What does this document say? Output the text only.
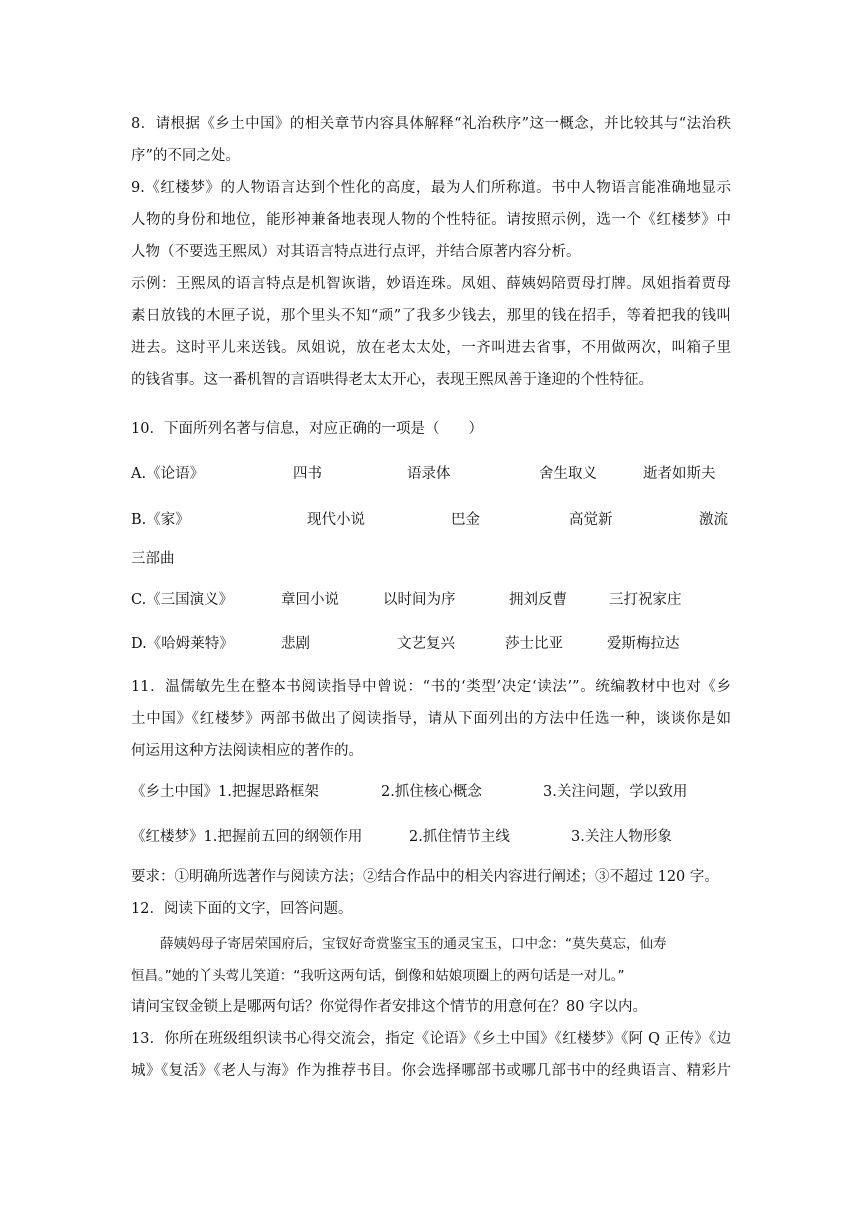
8．请根据《乡土中国》的相关章节内容具体解释“礼治秩序”这一概念，并比较其与“法治秩
序”的不同之处。
9.《红楼梦》的人物语言达到个性化的高度，最为人们所称道。书中人物语言能准确地显示
人物的身份和地位，能形神兼备地表现人物的个性特征。请按照示例，选一个《红楼梦》中
人物（不要选王熙凤）对其语言特点进行点评，并结合原著内容分析。
示例：王熙凤的语言特点是机智诙谐，妙语连珠。凤姐、薛姨妈陪贾母打牌。凤姐指着贾母
素日放钱的木匣子说，那个里头不知“顽”了我多少钱去，那里的钱在招手，等着把我的钱叫
进去。这时平儿来送钱。凤姐说，放在老太太处，一齐叫进去省事，不用做两次，叫箱子里
的钱省事。这一番机智的言语哄得老太太开心，表现王熙凤善于逢迎的个性特征。
10．下面所列名著与信息，对应正确的一项是（　　）
A.《论语》	四书	语录体	舍生取义	逝者如斯夫
B.《家》	现代小说	巴金	高觉新	激流
三部曲
C.《三国演义》	章回小说	以时间为序	拥刘反曹	三打祝家庄
D.《哈姆莱特》	悲剧	文艺复兴	莎士比亚	爱斯梅拉达
11．温儒敏先生在整本书阅读指导中曾说：“书的‘类型’决定‘读法’”。统编教材中也对《乡
土中国》《红楼梦》两部书做出了阅读指导，请从下面列出的方法中任选一种，谈谈你是如
何运用这种方法阅读相应的著作的。
《乡土中国》1.把握思路框架	2.抓住核心概念	3.关注问题，学以致用
《红楼梦》1.把握前五回的纲领作用	2.抓住情节主线	3.关注人物形象
要求：①明确所选著作与阅读方法；②结合作品中的相关内容进行阐述；③不超过 120 字。
12．阅读下面的文字，回答问题。
薛姨妈母子寄居荣国府后，宝钗好奇赏鉴宝玉的通灵宝玉，口中念：“莫失莫忘，仙寿
恒昌。”她的丫头莺儿笑道：“我听这两句话，倒像和姑娘项圈上的两句话是一对儿。”
请问宝钗金锁上是哪两句话？你觉得作者安排这个情节的用意何在？80 字以内。
13．你所在班级组织读书心得交流会，指定《论语》《乡土中国》《红楼梦》《阿 Q 正传》《边
城》《复活》《老人与海》作为推荐书目。你会选择哪部书或哪几部书中的经典语言、精彩片
